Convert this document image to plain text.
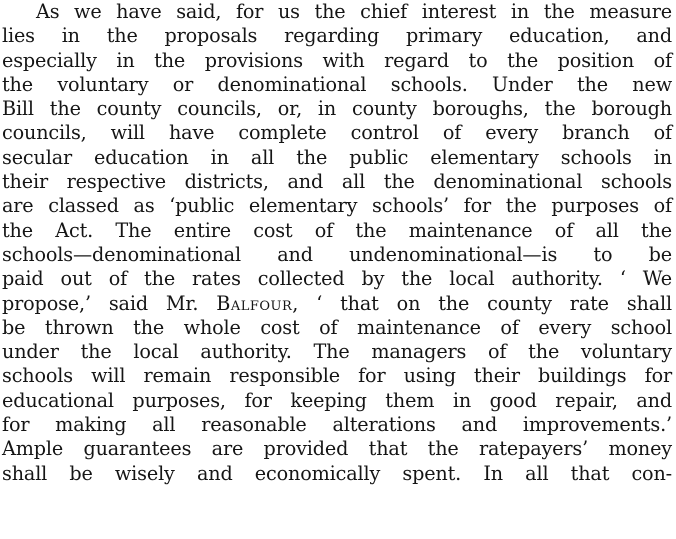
As we have said, for us the chief interest in the measure
lies in the proposals regarding primary education, and
especially in the provisions with regard to the position of
the voluntary or denominational schools. Under the new
Bill the county councils, or, in county boroughs, the borough
councils, will have complete control of every branch of
secular education in all the public elementary schools in
their respective districts, and all the denominational schools
are classed as ‘public elementary schools’ for the purposes of
the Act. The entire cost of the maintenance of all the
schools—denominational and undenominational—is to be
paid out of the rates collected by the local authority. ‘ We
propose,’ said Mr. Balfour, ‘ that on the county rate shall
be thrown the whole cost of maintenance of every school
under the local authority. The managers of the voluntary
schools will remain responsible for using their buildings for
educational purposes, for keeping them in good repair, and
for making all reasonable alterations and improvements.’
Ample guarantees are provided that the ratepayers’ money
shall be wisely and economically spent. In all that con-
